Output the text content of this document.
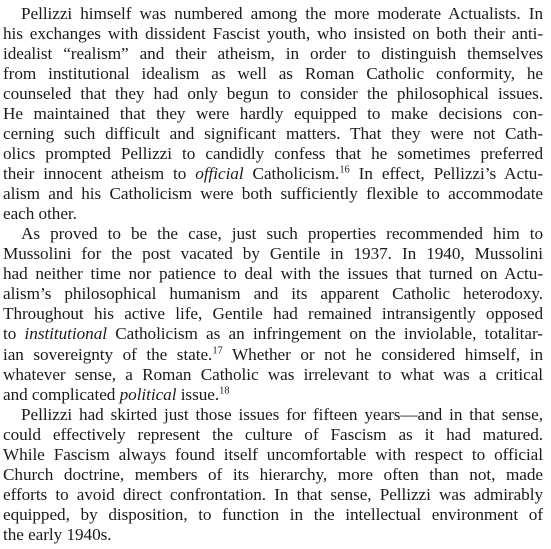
Pellizzi himself was numbered among the more moderate Actualists. In
his exchanges with dissident Fascist youth, who insisted on both their anti-
idealist “realism” and their atheism, in order to distinguish themselves
from institutional idealism as well as Roman Catholic conformity, he
counseled that they had only begun to consider the philosophical issues.
He maintained that they were hardly equipped to make decisions con-
cerning such difficult and significant matters. That they were not Cath-
olics prompted Pellizzi to candidly confess that he sometimes preferred
their innocent atheism to official Catholicism.$^{16}$ In effect, Pellizzi’s Actu-
alism and his Catholicism were both sufficiently flexible to accommodate
each other.
As proved to be the case, just such properties recommended him to
Mussolini for the post vacated by Gentile in 1937. In 1940, Mussolini
had neither time nor patience to deal with the issues that turned on Actu-
alism’s philosophical humanism and its apparent Catholic heterodoxy.
Throughout his active life, Gentile had remained intransigently opposed
to institutional Catholicism as an infringement on the inviolable, totalitar-
ian sovereignty of the state.$^{17}$ Whether or not he considered himself, in
whatever sense, a Roman Catholic was irrelevant to what was a critical
and complicated political issue.$^{18}$
Pellizzi had skirted just those issues for fifteen years—and in that sense,
could effectively represent the culture of Fascism as it had matured.
While Fascism always found itself uncomfortable with respect to official
Church doctrine, members of its hierarchy, more often than not, made
efforts to avoid direct confrontation. In that sense, Pellizzi was admirably
equipped, by disposition, to function in the intellectual environment of
the early 1940s.
